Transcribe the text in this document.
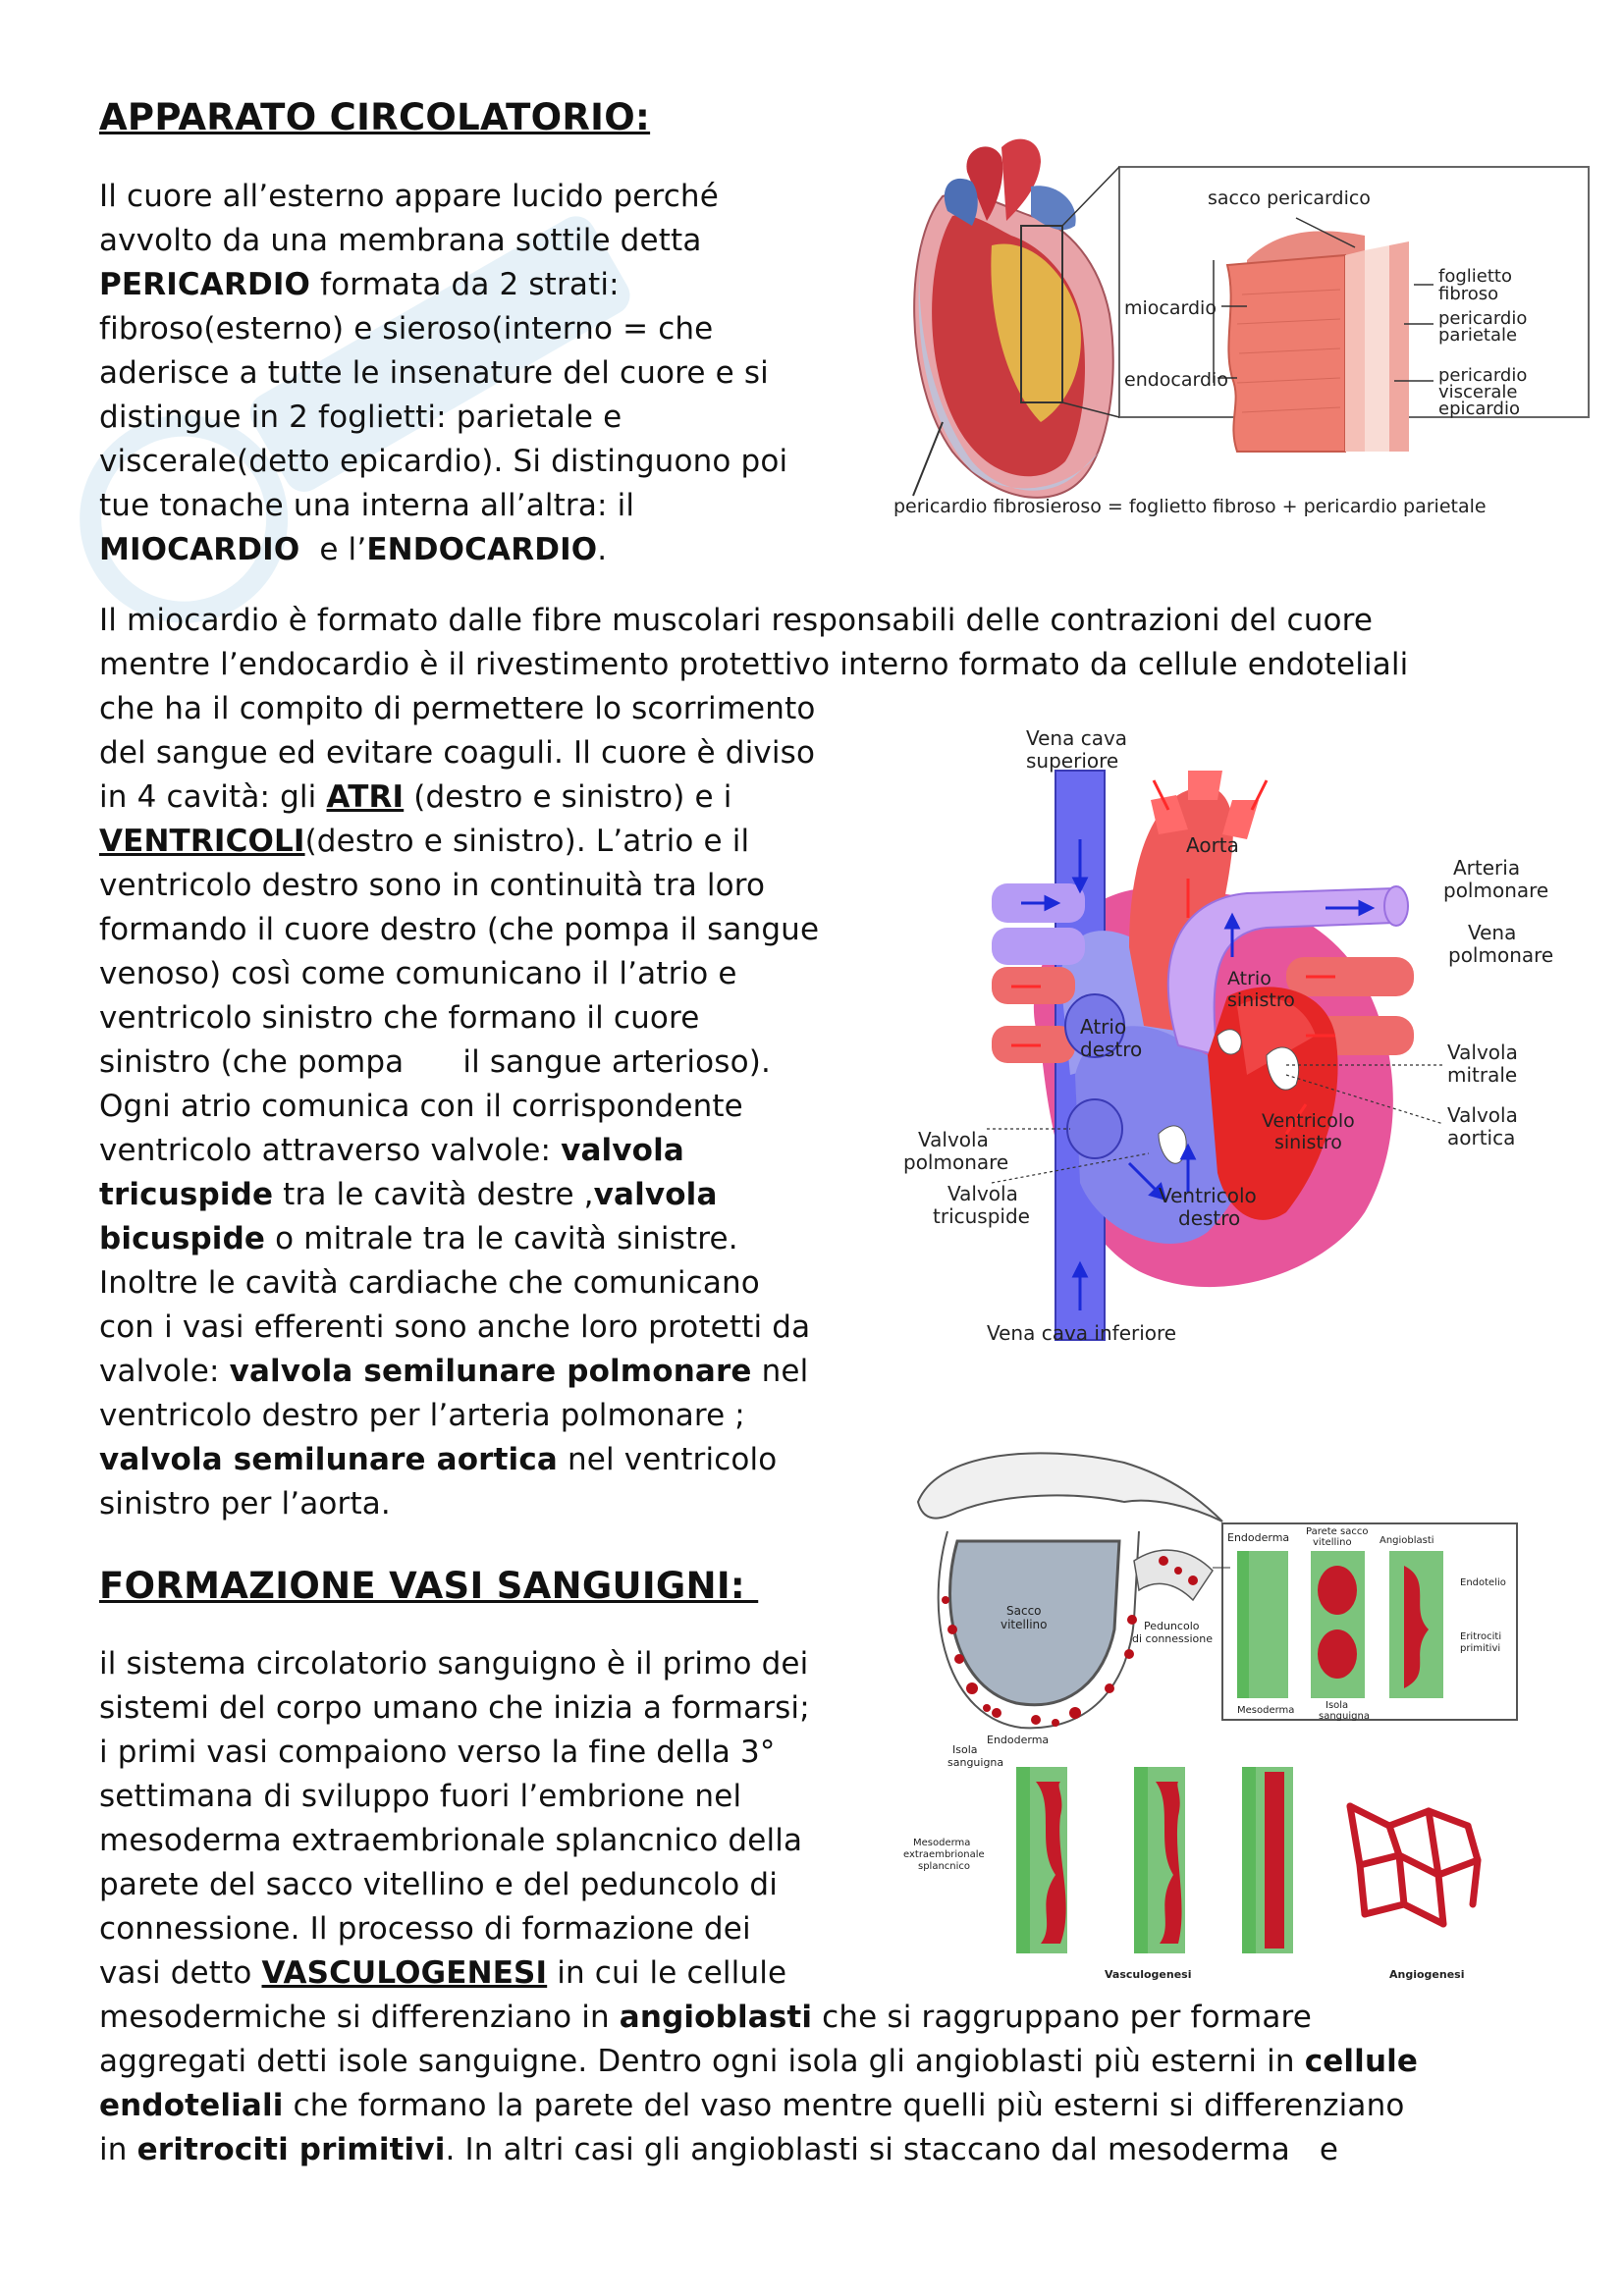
APPARATO CIRCOLATORIO:
Il cuore all’esterno appare lucido perché
avvolto da una membrana sottile detta
PERICARDIO formata da 2 strati:
fibroso(esterno) e sieroso(interno = che
aderisce a tutte le insenature del cuore e si
distingue in 2 foglietti: parietale e
viscerale(detto epicardio). Si distinguono poi
tue tonache una interna all’altra: il
MIOCARDIO  e l’ENDOCARDIO.
Il miocardio è formato dalle fibre muscolari responsabili delle contrazioni del cuore
mentre l’endocardio è il rivestimento protettivo interno formato da cellule endoteliali
che ha il compito di permettere lo scorrimento
del sangue ed evitare coaguli. Il cuore è diviso
in 4 cavità: gli ATRI (destro e sinistro) e i
VENTRICOLI(destro e sinistro). L’atrio e il
ventricolo destro sono in continuità tra loro
formando il cuore destro (che pompa il sangue
venoso) così come comunicano il l’atrio e
ventricolo sinistro che formano il cuore
sinistro (che pompa      il sangue arterioso).
Ogni atrio comunica con il corrispondente
ventricolo attraverso valvole: valvola
tricuspide tra le cavità destre ,valvola
bicuspide o mitrale tra le cavità sinistre.
Inoltre le cavità cardiache che comunicano
con i vasi efferenti sono anche loro protetti da
valvole: valvola semilunare polmonare nel
ventricolo destro per l’arteria polmonare ;
valvola semilunare aortica nel ventricolo
sinistro per l’aorta.
FORMAZIONE VASI SANGUIGNI:
il sistema circolatorio sanguigno è il primo dei
sistemi del corpo umano che inizia a formarsi;
i primi vasi compaiono verso la fine della 3°
settimana di sviluppo fuori l’embrione nel
mesoderma extraembrionale splancnico della
parete del sacco vitellino e del peduncolo di
connessione. Il processo di formazione dei
vasi detto VASCULOGENESI in cui le cellule
mesodermiche si differenziano in angioblasti che si raggruppano per formare
aggregati detti isole sanguigne. Dentro ogni isola gli angioblasti più esterni in cellule
endoteliali che formano la parete del vaso mentre quelli più esterni si differenziano
in eritrociti primitivi. In altri casi gli angioblasti si staccano dal mesoderma   e
sacco pericardico
miocardio
endocardio
foglietto
fibroso
pericardio
parietale
pericardio
viscerale
epicardio
pericardio fibrosieroso = foglietto fibroso + pericardio parietale
Vena cava
superiore
Aorta
Arteria
polmonare
Vena
polmonare
Atrio
sinistro
Atrio
destro	Valvola
mitrale
Valvola
aortica
Ventricolo
sinistro
Valvola
polmonare
Valvola
tricuspide
Ventricolo
destro
Vena cava inferiore
Sacco
vitellino	Peduncolo
di connessione
Isola
sanguigna
Endoderma Parete sacco
vitellino	Angioblasti
Endotelio
Eritrociti
primitivi
Mesoderma	Isola
sanguigna
Endoderma
Mesoderma
extraembrionale
splancnico
Vasculogenesi	Angiogenesi
